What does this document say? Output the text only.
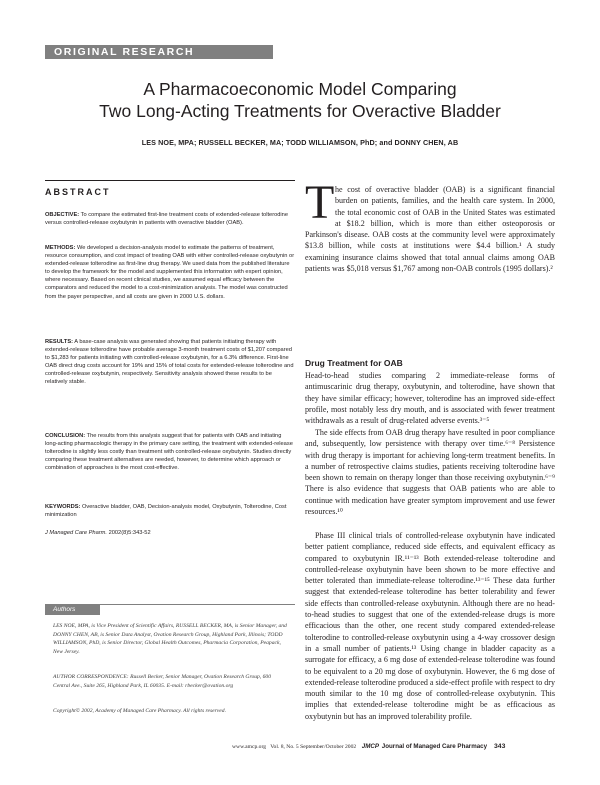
ORIGINAL RESEARCH
A Pharmacoeconomic Model Comparing
Two Long-Acting Treatments for Overactive Bladder
LES NOE, MPA; RUSSELL BECKER, MA; TODD WILLIAMSON, PhD; and DONNY CHEN, AB
ABSTRACT
OBJECTIVE: To compare the estimated first-line treatment costs of extended-release tolterodine versus controlled-release oxybutynin in patients with overactive bladder (OAB).
METHODS: We developed a decision-analysis model to estimate the patterns of treatment, resource consumption, and cost impact of treating OAB with either controlled-release oxybutynin or extended-release tolterodine as first-line drug therapy. We used data from the published literature to develop the framework for the model and supplemented this information with expert opinion, where necessary. Based on recent clinical studies, we assumed equal efficacy between the comparators and reduced the model to a cost-minimization analysis. The model was constructed from the payer perspective, and all costs are given in 2000 U.S. dollars.
RESULTS: A base-case analysis was generated showing that patients initiating therapy with extended-release tolterodine have probable average 3-month treatment costs of $1,207 compared to $1,283 for patients initiating with controlled-release oxybutynin, for a 6.3% difference. First-line OAB direct drug costs account for 19% and 15% of total costs for extended-release tolterodine and controlled-release oxybutynin, respectively. Sensitivity analysis showed these results to be relatively stable.
CONCLUSION: The results from this analysis suggest that for patients with OAB and initiating long-acting pharmacologic therapy in the primary care setting, the treatment with extended-release tolterodine is slightly less costly than treatment with controlled-release oxybutynin. Studies directly comparing these treatment alternatives are needed, however, to determine which approach or combination of approaches is the most cost-effective.
KEYWORDS: Overactive bladder, OAB, Decision-analysis model, Oxybutynin, Tolterodine, Cost minimization
J Managed Care Pharm. 2002(8)5:343-52
Authors
LES NOE, MPA, is Vice President of Scientific Affairs, RUSSELL BECKER, MA, is Senior Manager, and DONNY CHEN, AB, is Senior Data Analyst, Ovation Research Group, Highland Park, Illinois; TODD WILLIAMSON, PhD, is Senior Director, Global Health Outcomes, Pharmacia Corporation, Peapack, New Jersey.
AUTHOR CORRESPONDENCE: Russell Becker, Senior Manager, Ovation Research Group, 600 Central Ave., Suite 265, Highland Park, IL 60035. E-mail: rbecker@ovation.org
Copyright© 2002, Academy of Managed Care Pharmacy. All rights reserved.
T he cost of overactive bladder (OAB) is a significant financial burden on patients, families, and the health care system. In 2000, the total economic cost of OAB in the United States was estimated at $18.2 billion, which is more than either osteoporosis or Parkinson's disease. OAB costs at the community level were approximately $13.8 billion, while costs at institutions were $4.4 billion.¹ A study examining insurance claims showed that total annual claims among OAB patients was $5,018 versus $1,767 among non-OAB controls (1995 dollars).²
Drug Treatment for OAB
Head-to-head studies comparing 2 immediate-release forms of antimuscarinic drug therapy, oxybutynin, and tolterodine, have shown that they have similar efficacy; however, tolterodine has an improved side-effect profile, most notably less dry mouth, and is associated with fewer treatment withdrawals as a result of drug-related adverse events.³⁻⁵
The side effects from OAB drug therapy have resulted in poor compliance and, subsequently, low persistence with therapy over time.⁶⁻⁸ Persistence with drug therapy is important for achieving long-term treatment benefits. In a number of retrospective claims studies, patients receiving tolterodine have been shown to remain on therapy longer than those receiving oxybutynin.⁶⁻⁹ There is also evidence that suggests that OAB patients who are able to continue with medication have greater symptom improvement and use fewer resources.¹⁰
Phase III clinical trials of controlled-release oxybutynin have indicated better patient compliance, reduced side effects, and equivalent efficacy as compared to oxybutynin IR.¹¹⁻¹³ Both extended-release tolterodine and controlled-release oxybutynin have been shown to be more effective and better tolerated than immediate-release tolterodine.¹³⁻¹⁵ These data further suggest that extended-release tolterodine has better tolerability and fewer side effects than controlled-release oxybutynin. Although there are no head-to-head studies to suggest that one of the extended-release drugs is more efficacious than the other, one recent study compared extended-release tolterodine to controlled-release oxybutynin using a 4-way crossover design in a small number of patients.¹³ Using change in bladder capacity as a surrogate for efficacy, a 6 mg dose of extended-release tolterodine was found to be equivalent to a 20 mg dose of oxybutynin. However, the 6 mg dose of extended-release tolterodine produced a side-effect profile with respect to dry mouth similar to the 10 mg dose of controlled-release oxybutynin. This implies that extended-release tolterodine might be as efficacious as oxybutynin but has an improved tolerability profile.
www.amcp.org Vol. 8, No. 5 September/October 2002 JMCP Journal of Managed Care Pharmacy 343
